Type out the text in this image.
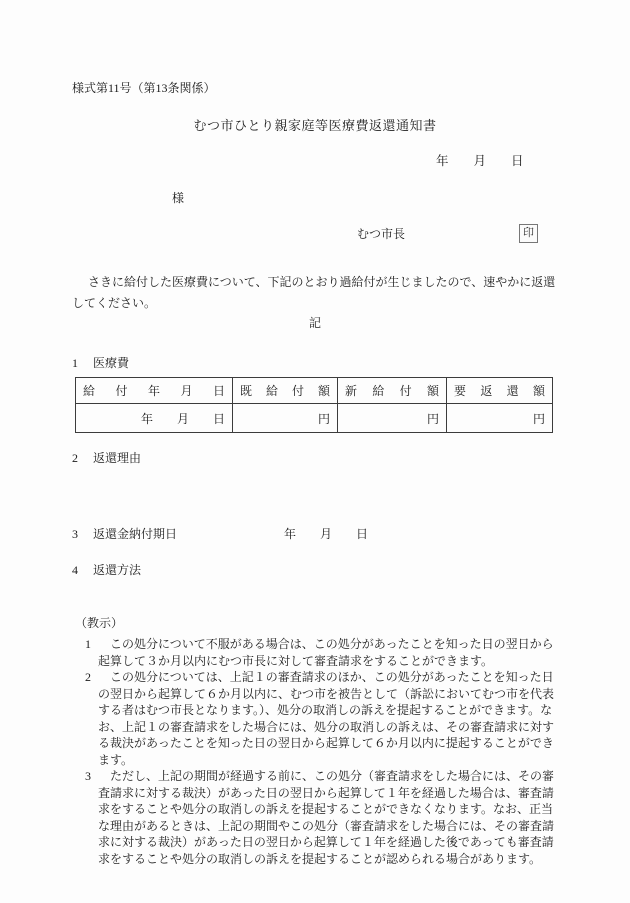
様式第11号（第13条関係）
むつ市ひとり親家庭等医療費返還通知書
年　　月　　日
様
むつ市長	印

さきに給付した医療費について、下記のとおり過給付が生じましたので、速やかに返還してください。

記
1 医療費
給付年月日	既給付額	新給付額	要返還額
年　　月　　日	円	円	円
2 返還理由
3 返還金納付期日	年　　月　　日
4 返還方法
（教示）

1 この処分について不服がある場合は、この処分があったことを知った日の翌日から起算して３か月以内にむつ市長に対して審査請求をすることができます。

2 この処分については、上記１の審査請求のほか、この処分があったことを知った日の翌日から起算して６か月以内に、むつ市を被告として（訴訟においてむつ市を代表する者はむつ市長となります。）、処分の取消しの訴えを提起することができます。なお、上記１の審査請求をした場合には、処分の取消しの訴えは、その審査請求に対する裁決があったことを知った日の翌日から起算して６か月以内に提起することができます。

3 ただし、上記の期間が経過する前に、この処分（審査請求をした場合には、その審査請求に対する裁決）があった日の翌日から起算して１年を経過した場合は、審査請求をすることや処分の取消しの訴えを提起することができなくなります。なお、正当な理由があるときは、上記の期間やこの処分（審査請求をした場合には、その審査請求に対する裁決）があった日の翌日から起算して１年を経過した後であっても審査請求をすることや処分の取消しの訴えを提起することが認められる場合があります。
